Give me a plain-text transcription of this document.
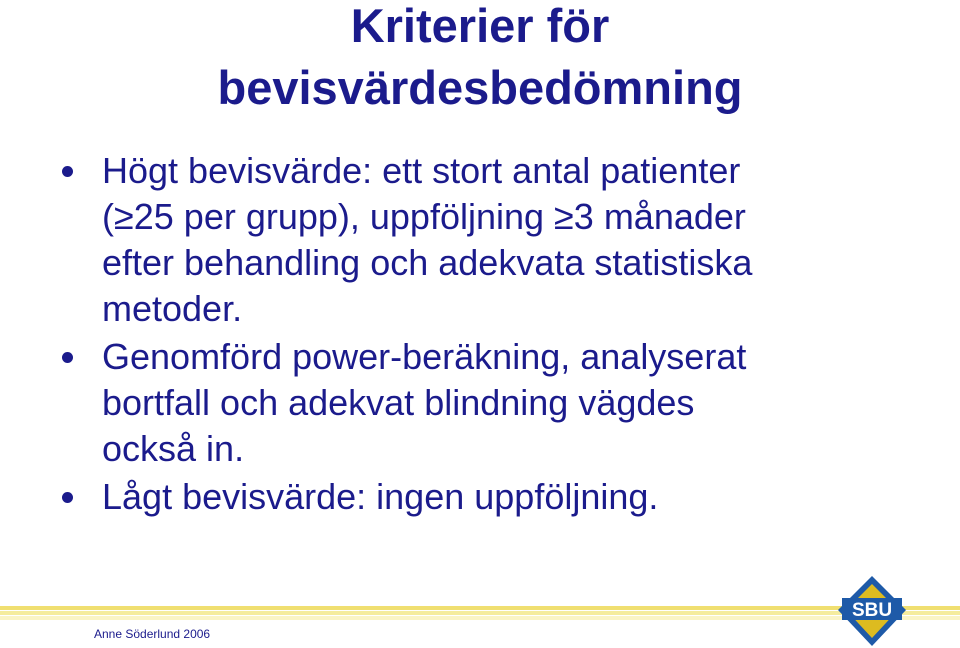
Kriterier för
bevisvärdesbedömning
Högt bevisvärde: ett stort antal patienter
(≥25 per grupp), uppföljning ≥3 månader
efter behandling och adekvata statistiska
metoder.
Genomförd power-beräkning, analyserat
bortfall och adekvat blindning vägdes
också in.
Lågt bevisvärde: ingen uppföljning.
Anne Söderlund 2006
SBU
